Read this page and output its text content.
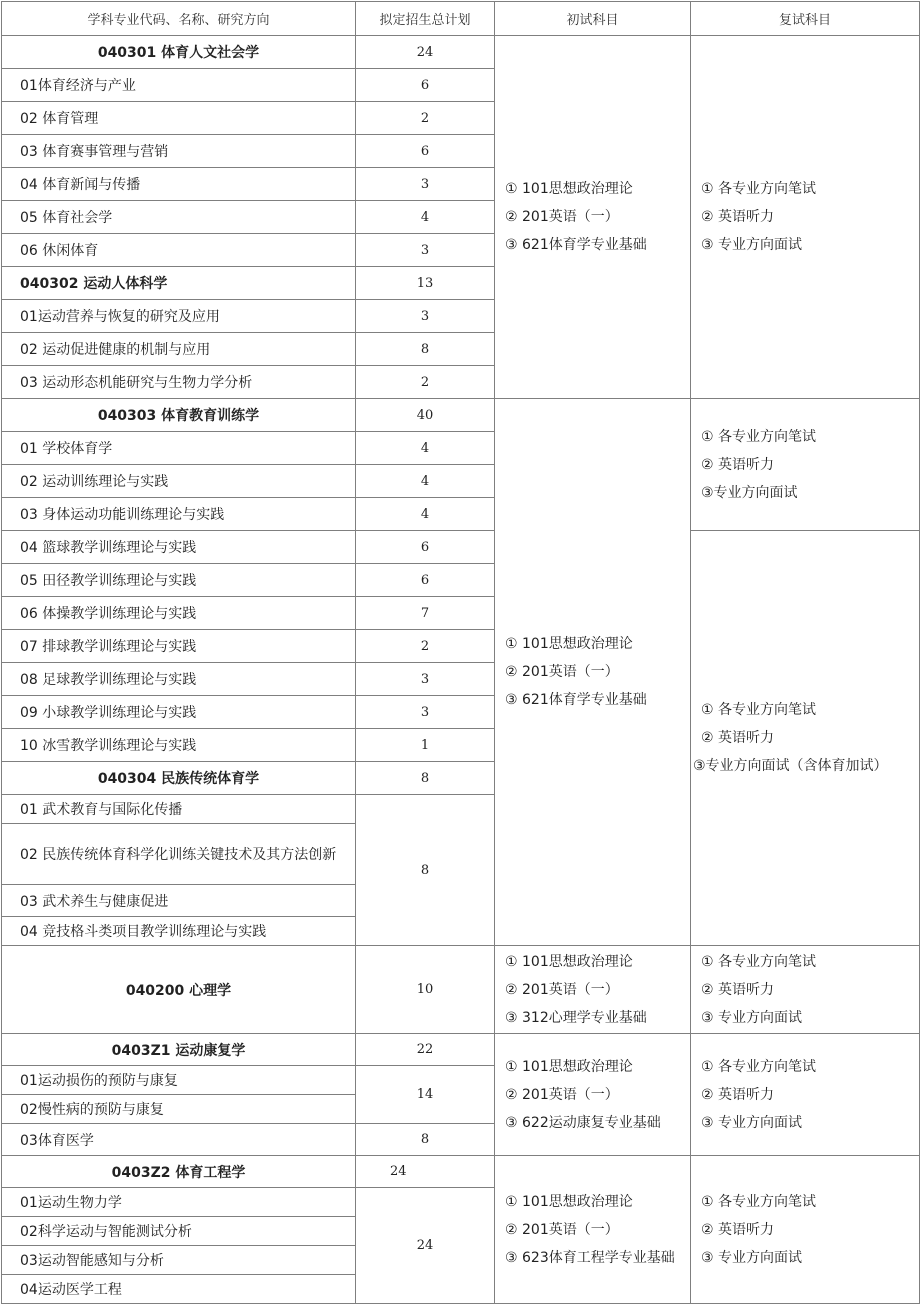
学科专业代码、名称、研究方向	拟定招生总计划	初试科目	复试科目
040301 体育人文社会学	24	① 101思想政治理论
② 201英语（一）
③ 621体育学专业基础	① 各专业方向笔试
② 英语听力
③ 专业方向面试

01体育经济与产业	6		
02 体育管理	2		
03 体育赛事管理与营销	6		
04 体育新闻与传播	3		
05 体育社会学	4		
06 休闲体育	3		
040302 运动人体科学	13		
01运动营养与恢复的研究及应用	3		
02 运动促进健康的机制与应用	8		
03 运动形态机能研究与生物力学分析	2		
040303 体育教育训练学	40	① 101思想政治理论
② 201英语（一）
③ 621体育学专业基础	① 各专业方向笔试
② 英语听力
③专业方向面试

01 学校体育学	4		
02 运动训练理论与实践	4		
03 身体运动功能训练理论与实践	4		
04 篮球教学训练理论与实践	6		① 各专业方向笔试
② 英语听力
③专业方向面试（含体育加试）

05 田径教学训练理论与实践	6		
06 体操教学训练理论与实践	7		
07 排球教学训练理论与实践	2		
08 足球教学训练理论与实践	3		
09 小球教学训练理论与实践	3		
10 冰雪教学训练理论与实践	1		
040304 民族传统体育学	8		
01 武术教育与国际化传播	8		
02 民族传统体育科学化训练关键技术及其方法创新			
03 武术养生与健康促进			
04 竞技格斗类项目教学训练理论与实践			
040200 心理学	10	① 101思想政治理论
② 201英语（一）
③ 312心理学专业基础	① 各专业方向笔试
② 英语听力
③ 专业方向面试

0403Z1 运动康复学	22	① 101思想政治理论
② 201英语（一）
③ 622运动康复专业基础	① 各专业方向笔试
② 英语听力
③ 专业方向面试

01运动损伤的预防与康复	14		
02慢性病的预防与康复			
03体育医学	8		
0403Z2 体育工程学	24	① 101思想政治理论
② 201英语（一）
③ 623体育工程学专业基础	① 各专业方向笔试
② 英语听力
③ 专业方向面试

01运动生物力学	24		
02科学运动与智能测试分析			
03运动智能感知与分析			
04运动医学工程			
